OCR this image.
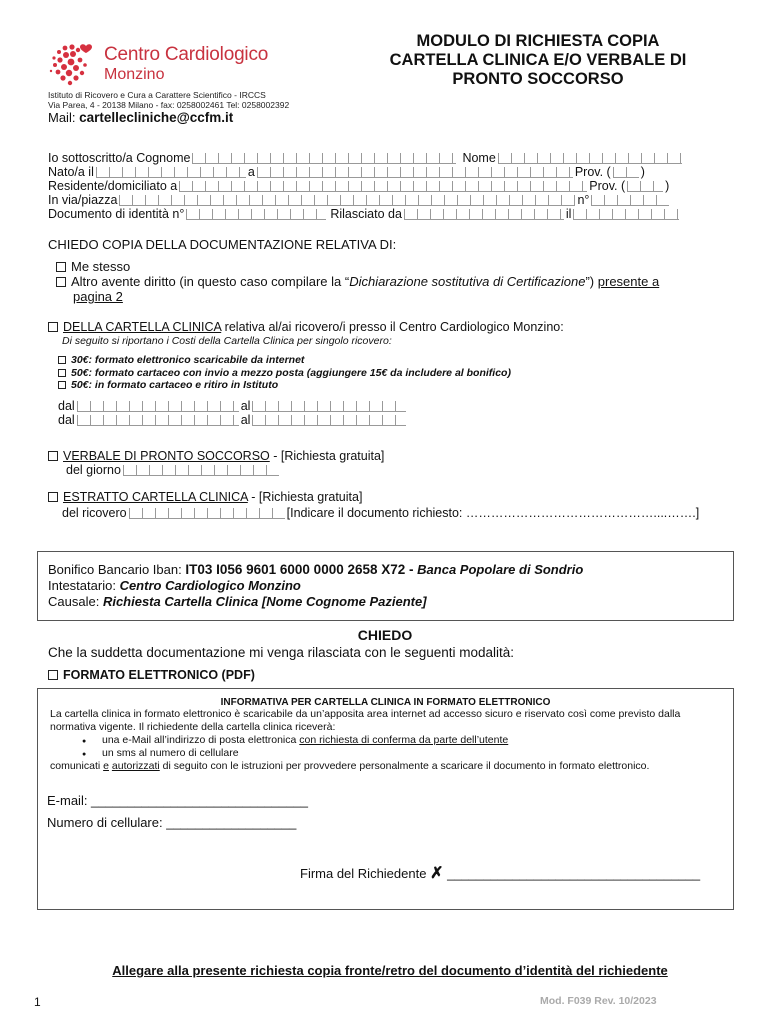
Centro Cardiologico
Monzino
Istituto di Ricovero e Cura a Carattere Scientifico - IRCCS
Via Parea, 4 - 20138 Milano - fax: 0258002461 Tel: 0258002392
Mail: cartellecliniche@ccfm.it
MODULO DI RICHIESTA COPIA
CARTELLA CLINICA E/O VERBALE DI
PRONTO SOCCORSO
Io sottoscritto/a Cognome	Nome
Nato/a il	a	Prov. ( )
Residente/domiciliato a	Prov. (	)
In via/piazza	n°
Documento di identità n°	Rilasciato da	il
CHIEDO COPIA DELLA DOCUMENTAZIONE RELATIVA DI:
Me stesso
Altro avente diritto (in questo caso compilare la “Dichiarazione sostitutiva di Certificazione”) presente a
pagina 2
DELLA CARTELLA CLINICA relativa al/ai ricovero/i presso il Centro Cardiologico Monzino:
Di seguito si riportano i Costi della Cartella Clinica per singolo ricovero:
30€: formato elettronico scaricabile da internet
50€: formato cartaceo con invio a mezzo posta (aggiungere 15€ da includere al bonifico)
50€: in formato cartaceo e ritiro in Istituto
dal	al
dal	al
VERBALE DI PRONTO SOCCORSO - [Richiesta gratuita]
del giorno
ESTRATTO CARTELLA CLINICA - [Richiesta gratuita]
del ricovero	[Indicare il documento richiesto: ………………………………………....…….]
Bonifico Bancario Iban: IT03 I056 9601 6000 0000 2658 X72 - Banca Popolare di Sondrio
Intestatario: Centro Cardiologico Monzino
Causale: Richiesta Cartella Clinica [Nome Cognome Paziente]
CHIEDO
Che la suddetta documentazione mi venga rilasciata con le seguenti modalità:
FORMATO ELETTRONICO (PDF)
INFORMATIVA PER CARTELLA CLINICA IN FORMATO ELETTRONICO
La cartella clinica in formato elettronico è scaricabile da un’apposita area internet ad accesso sicuro e riservato così come previsto dalla normativa vigente. Il richiedente della cartella clinica riceverà:
● una e-Mail all’indirizzo di posta elettronica con richiesta di conferma da parte dell’utente
● un sms al numero di cellulare
comunicati e autorizzati di seguito con le istruzioni per provvedere personalmente a scaricare il documento in formato elettronico.
E-mail: ______________________________
Numero di cellulare: __________________
Firma del Richiedente ✗ ___________________________________
Allegare alla presente richiesta copia fronte/retro del documento d’identità del richiedente
1	Mod. F039 Rev. 10/2023
